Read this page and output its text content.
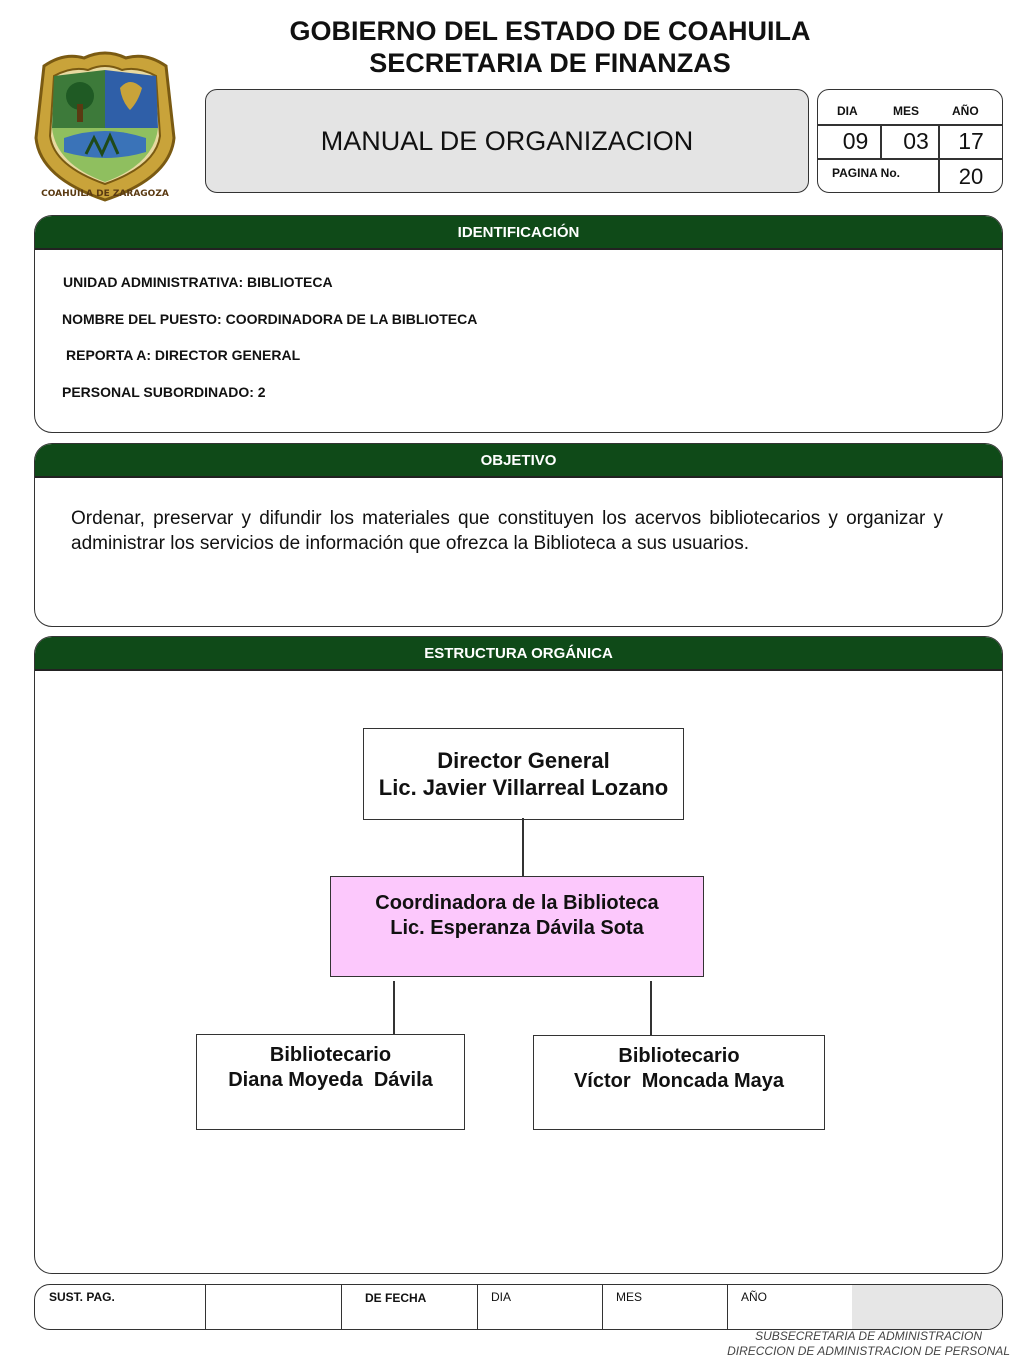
COAHUILA DE ZARAGOZA
GOBIERNO DEL ESTADO DE COAHUILA
SECRETARIA DE FINANZAS
MANUAL DE ORGANIZACION
DIA	MES	AÑO
09	03	17
PAGINA No.	20
IDENTIFICACIÓN
UNIDAD ADMINISTRATIVA: BIBLIOTECA
NOMBRE DEL PUESTO: COORDINADORA DE LA BIBLIOTECA
REPORTA A: DIRECTOR GENERAL
PERSONAL SUBORDINADO: 2
OBJETIVO
Ordenar, preservar y difundir los materiales que constituyen los acervos bibliotecarios y organizar y administrar los servicios de información que ofrezca la Biblioteca a sus usuarios.
ESTRUCTURA ORGÁNICA
Director General
Lic. Javier Villarreal Lozano
Coordinadora de la Biblioteca
Lic. Esperanza Dávila Sota
Bibliotecario
Diana Moyeda  Dávila
Bibliotecario
Víctor  Moncada Maya
SUST. PAG.	DE FECHA	DIA	MES	AÑO
SUBSECRETARIA DE ADMINISTRACION
DIRECCION DE ADMINISTRACION DE PERSONAL
